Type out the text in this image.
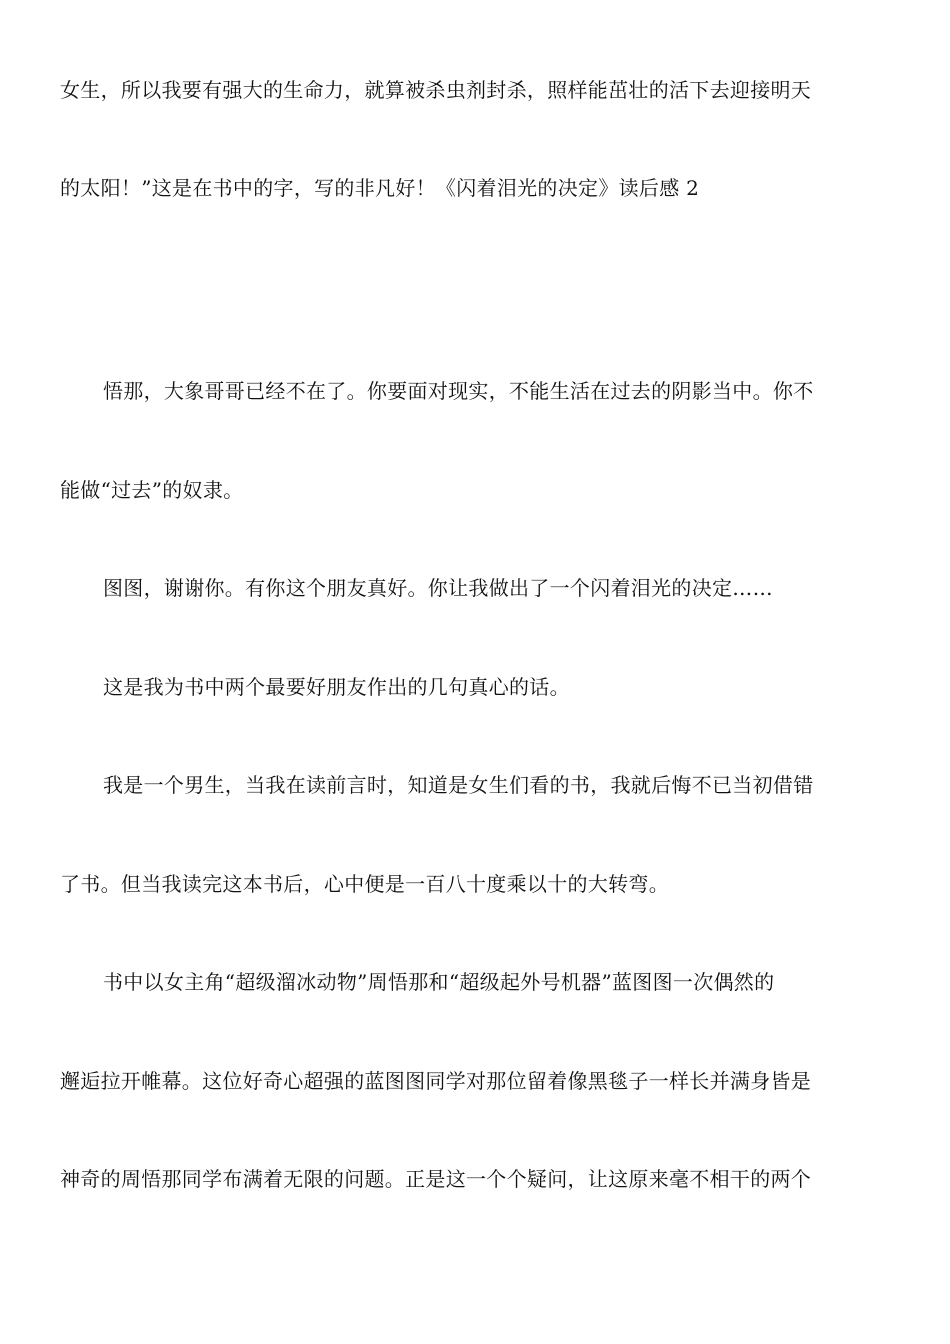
女生，所以我要有强大的生命力，就算被杀虫剂封杀，照样能茁壮的活下去迎接明天
的太阳！”这是在书中的字，写的非凡好！《闪着泪光的决定》读后感 2
悟那，大象哥哥已经不在了。你要面对现实，不能生活在过去的阴影当中。你不
能做“过去”的奴隶。
图图，谢谢你。有你这个朋友真好。你让我做出了一个闪着泪光的决定……
这是我为书中两个最要好朋友作出的几句真心的话。
我是一个男生，当我在读前言时，知道是女生们看的书，我就后悔不已当初借错
了书。但当我读完这本书后，心中便是一百八十度乘以十的大转弯。
书中以女主角“超级溜冰动物”周悟那和“超级起外号机器”蓝图图一次偶然的
邂逅拉开帷幕。这位好奇心超强的蓝图图同学对那位留着像黑毯子一样长并满身皆是
神奇的周悟那同学布满着无限的问题。正是这一个个疑问，让这原来毫不相干的两个
